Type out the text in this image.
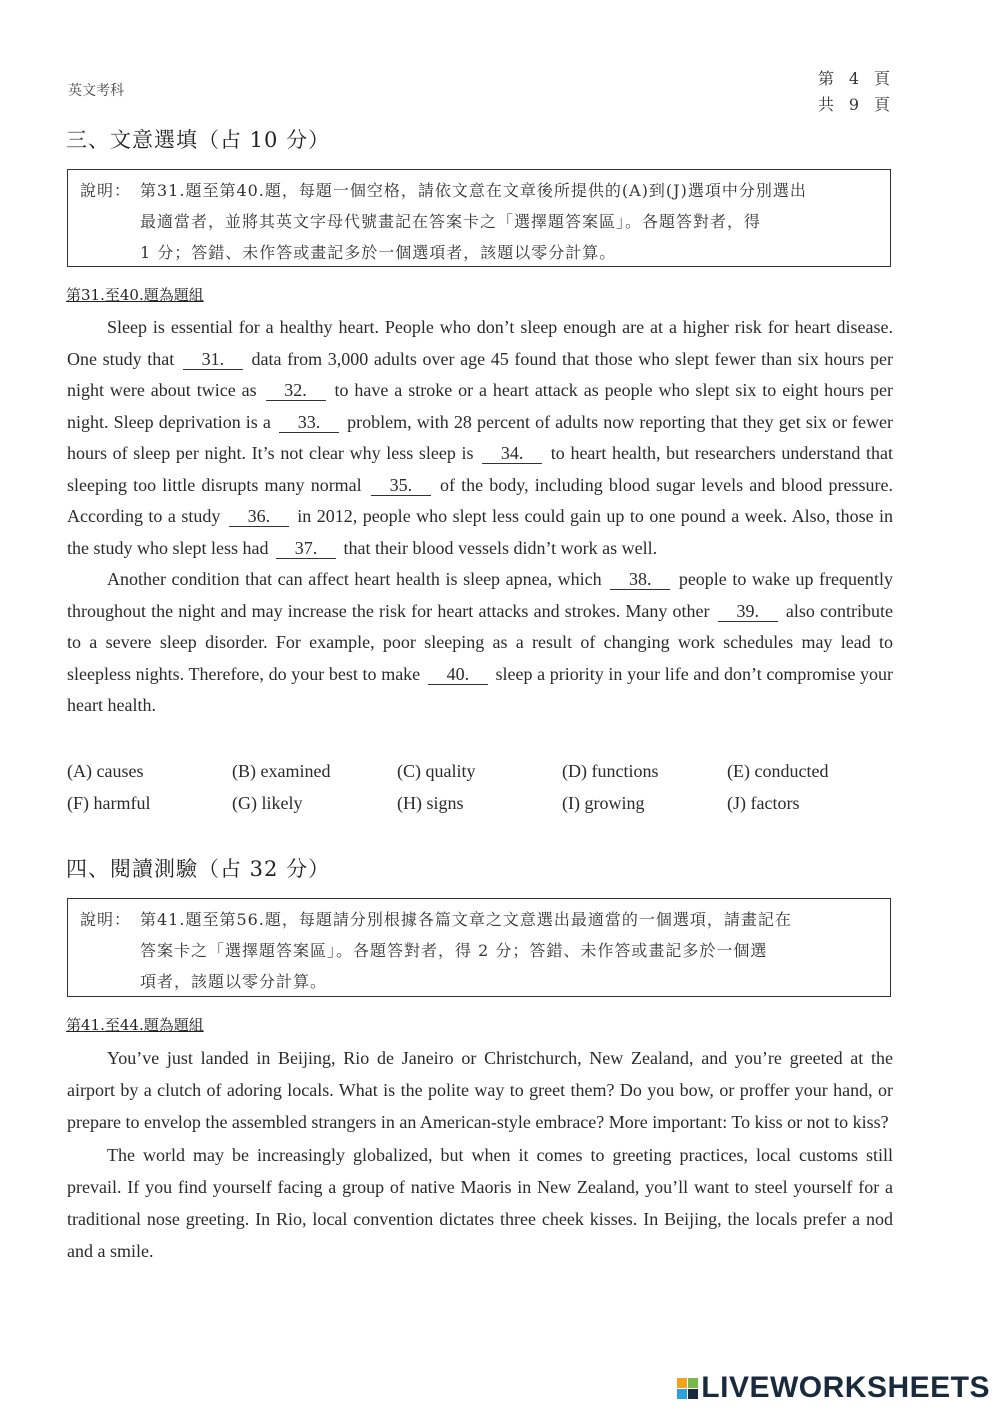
英文考科
第 4 頁
共 9 頁
三、文意選填（占 10 分）
說明： 第31.題至第40.題，每題一個空格，請依文意在文章後所提供的(A)到(J)選項中分別選出
最適當者，並將其英文字母代號畫記在答案卡之「選擇題答案區」。各題答對者，得
1 分；答錯、未作答或畫記多於一個選項者，該題以零分計算。
第31.至40.題為題組

Sleep is essential for a healthy heart. People who don’t sleep enough are at a higher risk for heart disease. One study that 31. data from 3,000 adults over age 45 found that those who slept fewer than six hours per night were about twice as 32. to have a stroke or a heart attack as people who slept six to eight hours per night. Sleep deprivation is a 33. problem, with 28 percent of adults now reporting that they get six or fewer hours of sleep per night. It’s not clear why less sleep is 34. to heart health, but researchers understand that sleeping too little disrupts many normal 35. of the body, including blood sugar levels and blood pressure. According to a study 36. in 2012, people who slept less could gain up to one pound a week. Also, those in the study who slept less had 37. that their blood vessels didn’t work as well.

Another condition that can affect heart health is sleep apnea, which 38. people to wake up frequently throughout the night and may increase the risk for heart attacks and strokes. Many other 39. also contribute to a severe sleep disorder. For example, poor sleeping as a result of changing work schedules may lead to sleepless nights. Therefore, do your best to make 40. sleep a priority in your life and don’t compromise your heart health.

(A) causes	(B) examined	(C) quality	(D) functions	(E) conducted
(F) harmful	(G) likely	(H) signs	(I) growing	(J) factors
四、閱讀測驗（占 32 分）
說明： 第41.題至第56.題，每題請分別根據各篇文章之文意選出最適當的一個選項，請畫記在
答案卡之「選擇題答案區」。各題答對者，得 2 分；答錯、未作答或畫記多於一個選
項者，該題以零分計算。
第41.至44.題為題組

You’ve just landed in Beijing, Rio de Janeiro or Christchurch, New Zealand, and you’re greeted at the airport by a clutch of adoring locals. What is the polite way to greet them? Do you bow, or proffer your hand, or prepare to envelop the assembled strangers in an American-style embrace? More important: To kiss or not to kiss?

The world may be increasingly globalized, but when it comes to greeting practices, local customs still prevail. If you find yourself facing a group of native Maoris in New Zealand, you’ll want to steel yourself for a traditional nose greeting. In Rio, local convention dictates three cheek kisses. In Beijing, the locals prefer a nod and a smile.

LIVEWORKSHEETS
